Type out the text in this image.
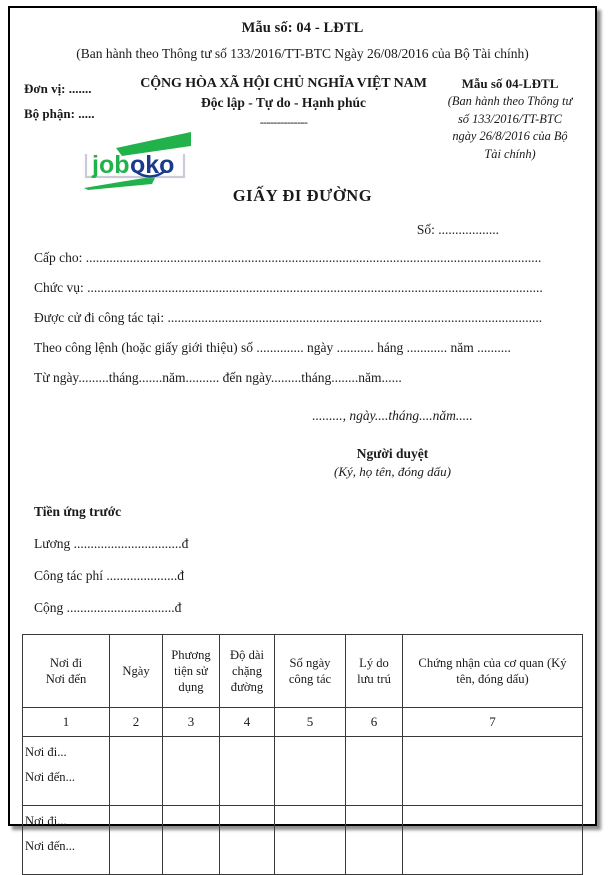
Mẫu số: 04 - LĐTL
(Ban hành theo Thông tư số 133/2016/TT-BTC Ngày 26/08/2016 của Bộ Tài chính)
Đơn vị: .......
Bộ phận: .....
CỘNG HÒA XÃ HỘI CHỦ NGHĨA VIỆT NAM
Độc lập - Tự do - Hạnh phúc
--------------
Mẫu số 04-LĐTL
(Ban hành theo Thông tư
số 133/2016/TT-BTC
ngày 26/8/2016 của Bộ
Tài chính)
job oko
GIẤY ĐI ĐƯỜNG
Số: ..................
Cấp cho: .......................................................................................................................................
Chức vụ: .......................................................................................................................................
Được cử đi công tác tại: ...............................................................................................................
Theo công lệnh (hoặc giấy giới thiệu) số .............. ngày ........... háng ............ năm ..........
Từ ngày.........tháng.......năm.......... đến ngày.........tháng........năm......
........., ngày....tháng....năm.....
Người duyệt
(Ký, họ tên, đóng dấu)
Tiền ứng trước
Lương ................................đ
Công tác phí .....................đ
Cộng ................................đ
Nơi đi
Nơi đến

Ngày

Phương
tiện sử
dụng

Độ dài
chặng
đường

Số ngày
công tác

Lý do
lưu trú

Chứng nhận của cơ quan (Ký
tên, đóng dấu)

1	2	3	4	5	6	7

Nơi đi...
Nơi đến...						

Nơi đi...
Nơi đến...						
